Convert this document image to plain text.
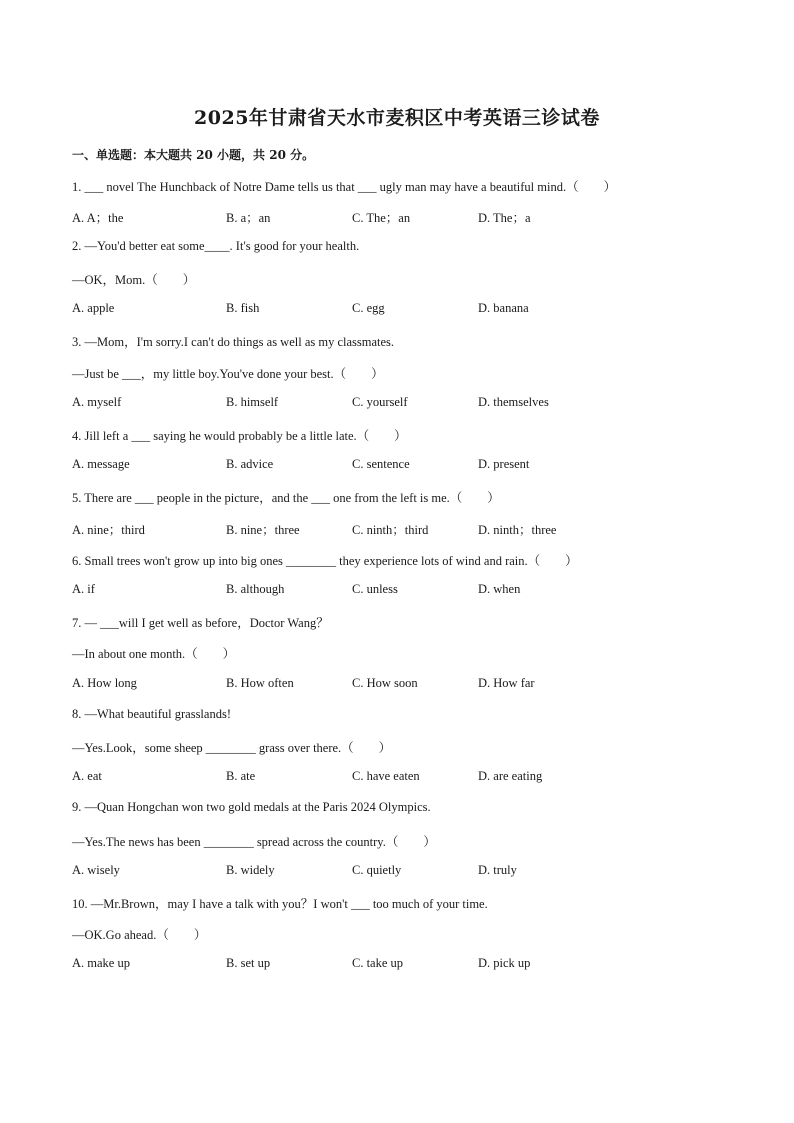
2025年甘肃省天水市麦积区中考英语三诊试卷
一、单选题：本大题共 20 小题，共 20 分。
1. ___ novel The Hunchback of Notre Dame tells us that ___ ugly man may have a beautiful mind.（　　）
A. A；the	B. a；an	C. The；an	D. The；a
2. —You'd better eat some____. It's good for your health.
—OK，Mom.（　　）
A. apple	B. fish	C. egg	D. banana
3. —Mom，I'm sorry.I can't do things as well as my classmates.
—Just be ___，my little boy.You've done your best.（　　）
A. myself	B. himself	C. yourself	D. themselves
4. Jill left a ___ saying he would probably be a little late.（　　）
A. message	B. advice	C. sentence	D. present
5. There are ___ people in the picture，and the ___ one from the left is me.（　　）
A. nine；third	B. nine；three	C. ninth；third	D. ninth；three
6. Small trees won't grow up into big ones ________ they experience lots of wind and rain.（　　）
A. if	B. although	C. unless	D. when
7. — ___will I get well as before，Doctor Wang？
—In about one month.（　　）
A. How long	B. How often	C. How soon	D. How far
8. —What beautiful grasslands!
—Yes.Look，some sheep ________ grass over there.（　　）
A. eat	B. ate	C. have eaten	D. are eating
9. —Quan Hongchan won two gold medals at the Paris 2024 Olympics.
—Yes.The news has been ________ spread across the country.（　　）
A. wisely	B. widely	C. quietly	D. truly
10. —Mr.Brown，may I have a talk with you？I won't ___ too much of your time.
—OK.Go ahead.（　　）
A. make up	B. set up	C. take up	D. pick up
